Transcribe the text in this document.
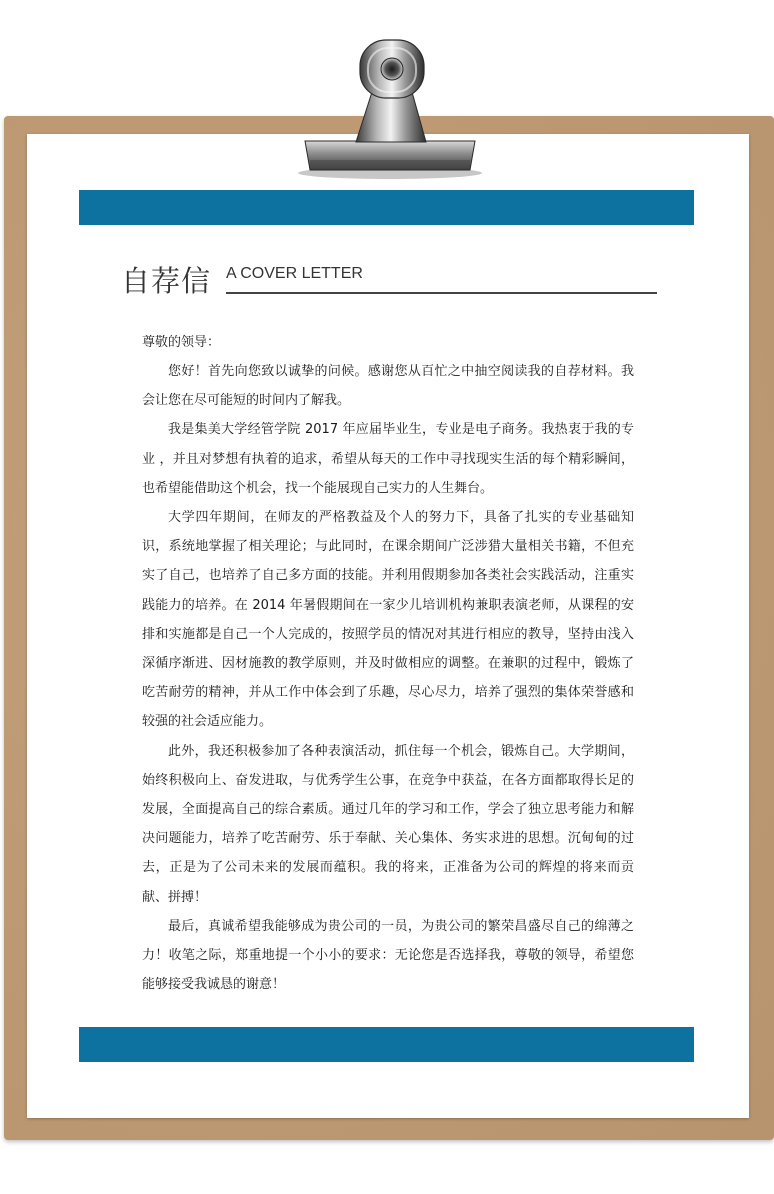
自荐信 A COVER LETTER

尊敬的领导：

您好！首先向您致以诚挚的问候。感谢您从百忙之中抽空阅读我的自荐材料。我会让您在尽可能短的时间内了解我。

我是集美大学经管学院 2017 年应届毕业生，专业是电子商务。我热衷于我的专业 ，并且对梦想有执着的追求，希望从每天的工作中寻找现实生活的每个精彩瞬间，也希望能借助这个机会，找一个能展现自己实力的人生舞台。

大学四年期间，在师友的严格教益及个人的努力下，具备了扎实的专业基础知识，系统地掌握了相关理论；与此同时，在课余期间广泛涉猎大量相关书籍，不但充实了自己，也培养了自己多方面的技能。并利用假期参加各类社会实践活动，注重实践能力的培养。在 2014 年暑假期间在一家少儿培训机构兼职表演老师，从课程的安排和实施都是自己一个人完成的，按照学员的情况对其进行相应的教导，坚持由浅入深循序渐进、因材施教的教学原则，并及时做相应的调整。在兼职的过程中，锻炼了吃苦耐劳的精神，并从工作中体会到了乐趣，尽心尽力，培养了强烈的集体荣誉感和较强的社会适应能力。

此外，我还积极参加了各种表演活动，抓住每一个机会，锻炼自己。大学期间，始终积极向上、奋发进取，与优秀学生公事，在竞争中获益，在各方面都取得长足的发展，全面提高自己的综合素质。通过几年的学习和工作，学会了独立思考能力和解决问题能力，培养了吃苦耐劳、乐于奉献、关心集体、务实求进的思想。沉甸甸的过去，正是为了公司未来的发展而蕴积。我的将来，正准备为公司的辉煌的将来而贡献、拼搏！

最后，真诚希望我能够成为贵公司的一员，为贵公司的繁荣昌盛尽自己的绵薄之力！收笔之际，郑重地提一个小小的要求：无论您是否选择我，尊敬的领导，希望您能够接受我诚恳的谢意！
